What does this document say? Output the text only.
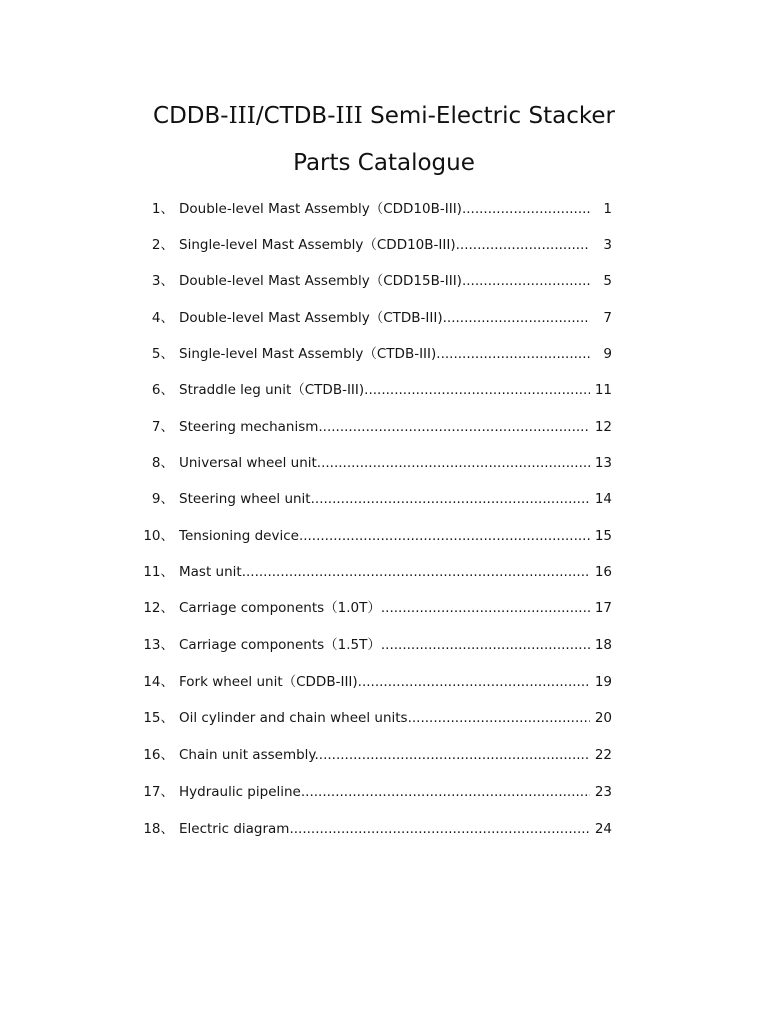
CDDB-III/CTDB-III Semi-Electric Stacker
Parts Catalogue
1、 Double-level Mast Assembly（CDD10B-III) .....	1
2、 Single-level Mast Assembly（CDD10B-III) .....	3
3、 Double-level Mast Assembly（CDD15B-III) .....	5
4、 Double-level Mast Assembly（CTDB-III) .....	7
5、 Single-level Mast Assembly（CTDB-III) .....	9
6、 Straddle leg unit（CTDB-III) .....	11
7、 Steering mechanism .....	12
8、 Universal wheel unit .....	13
9、 Steering wheel unit .....	14
10、 Tensioning device .....	15
11、 Mast unit .....	16
12、 Carriage components（1.0T） .....	17
13、 Carriage components（1.5T） .....	18
14、 Fork wheel unit（CDDB-III) .....	19
15、 Oil cylinder and chain wheel units .....	20
16、 Chain unit assembly .....	22
17、 Hydraulic pipeline .....	23
18、 Electric diagram .....	24
